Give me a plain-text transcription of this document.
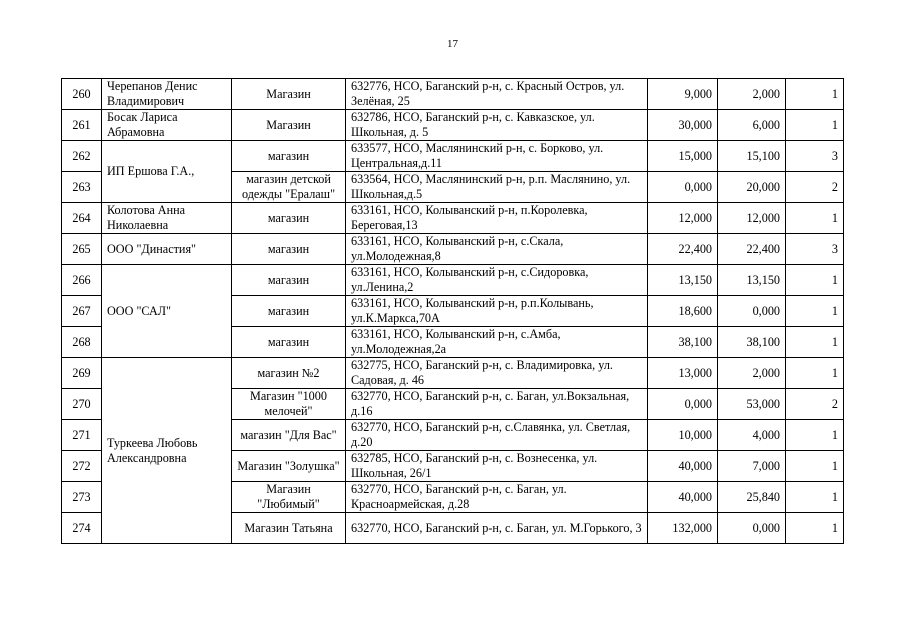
17
260	Черепанов Денис Владимирович	Магазин	632776, НСО, Баганский р-н, с. Красный Остров, ул. Зелёная, 25	9,000	2,000	1
261	Босак Лариса Абрамовна	Магазин	632786, НСО, Баганский р-н, с. Кавказское, ул. Школьная, д. 5	30,000	6,000	1
262	ИП Ершова Г.А.,	магазин	633577, НСО, Маслянинский р-н, с. Борково, ул. Центральная,д.11	15,000	15,100	3
263		магазин детской одежды "Ералаш"	633564, НСО, Маслянинский р-н, р.п. Маслянино, ул. Школьная,д.5	0,000	20,000	2
264	Колотова Анна Николаевна	магазин	633161, НСО, Колыванский р-н, п.Королевка, Береговая,13	12,000	12,000	1
265	ООО "Династия"	магазин	633161, НСО, Колыванский р-н, с.Скала, ул.Молодежная,8	22,400	22,400	3
266	ООО "САЛ"	магазин	633161, НСО, Колыванский р-н, с.Сидоровка, ул.Ленина,2	13,150	13,150	1
267		магазин	633161, НСО, Колыванский р-н, р.п.Колывань, ул.К.Маркса,70А	18,600	0,000	1
268		магазин	633161, НСО, Колыванский р-н, с.Амба, ул.Молодежная,2а	38,100	38,100	1
269	Туркеева Любовь Александровна	магазин №2	632775, НСО, Баганский р-н, с. Владимировка, ул. Садовая, д. 46	13,000	2,000	1
270		Магазин "1000 мелочей"	632770, НСО, Баганский р-н, с. Баган, ул.Вокзальная, д.16	0,000	53,000	2
271		магазин "Для Вас"	632770, НСО, Баганский р-н, с.Славянка, ул. Светлая, д.20	10,000	4,000	1
272		Магазин "Золушка"	632785, НСО, Баганский р-н, с. Вознесенка, ул. Школьная, 26/1	40,000	7,000	1
273		Магазин "Любимый"	632770, НСО, Баганский р-н, с. Баган, ул. Красноармейская, д.28	40,000	25,840	1
274		Магазин Татьяна	632770, НСО, Баганский р-н, с. Баган, ул. М.Горького, 3	132,000	0,000	1
